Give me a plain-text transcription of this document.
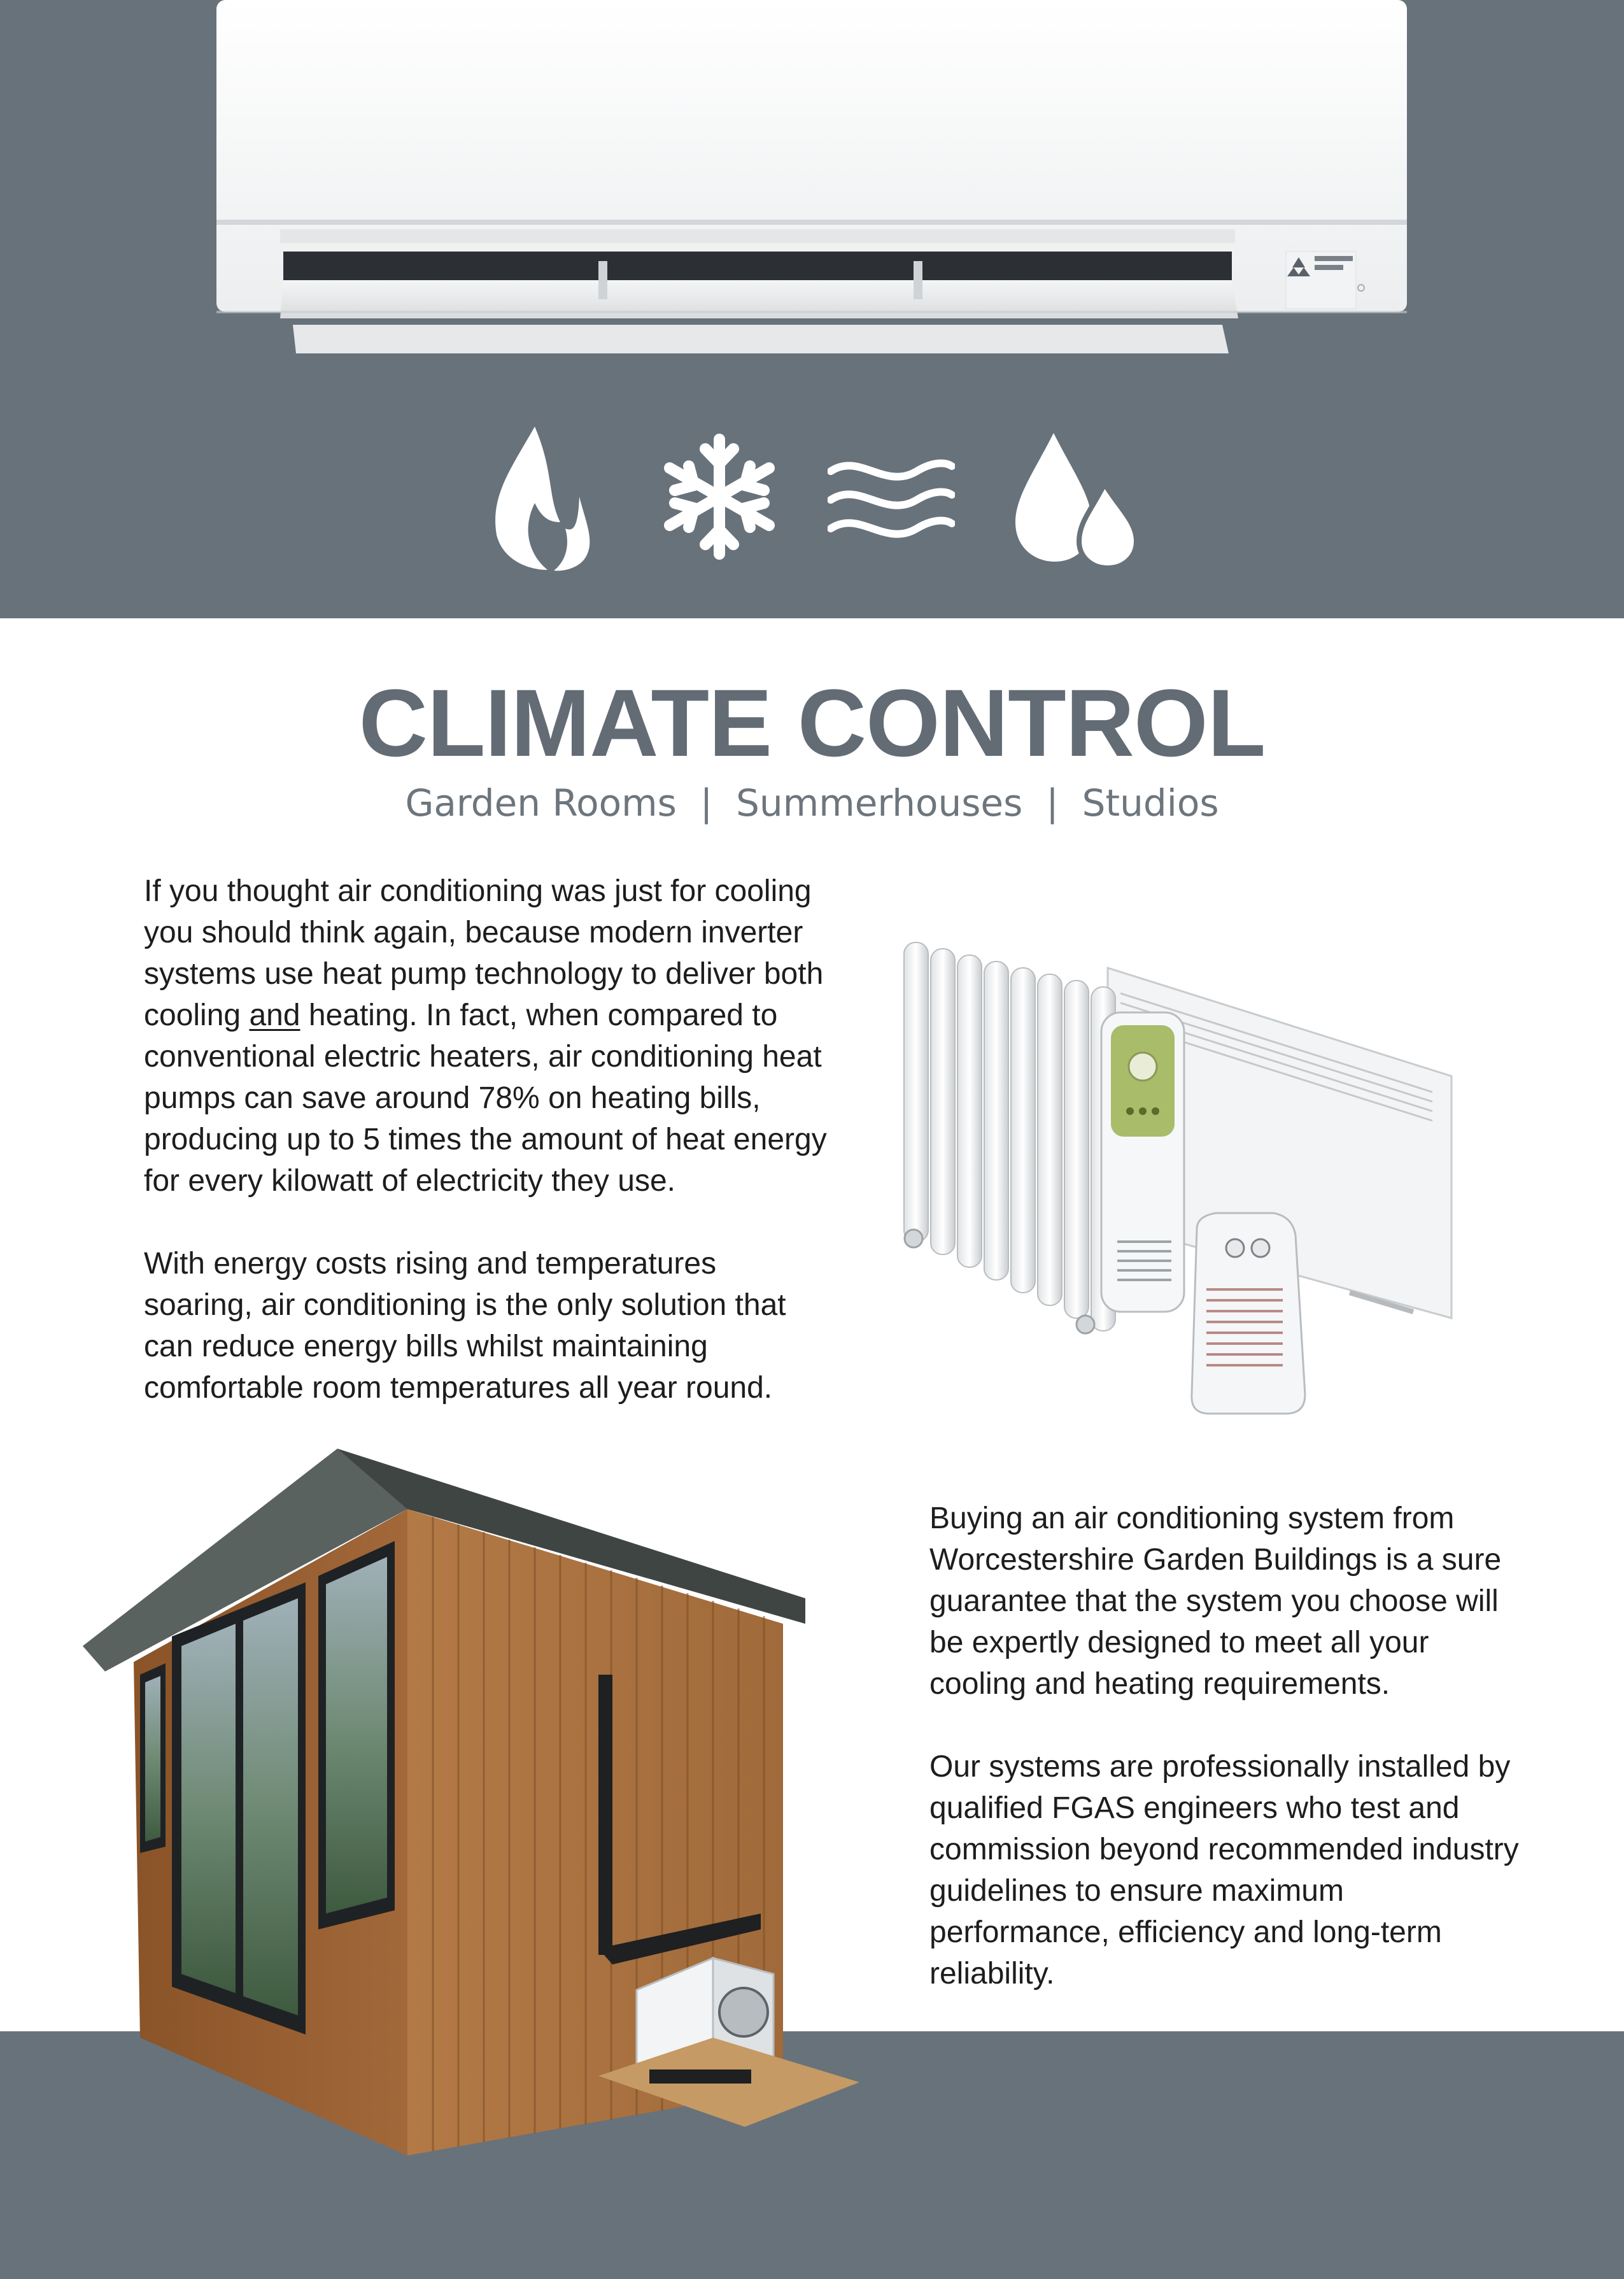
CLIMATE CONTROL
Garden Rooms  |  Summerhouses  |  Studios

If you thought air conditioning was just for cooling you should think again, because modern inverter systems use heat pump technology to deliver both cooling and heating. In fact, when compared to conventional electric heaters, air conditioning heat pumps can save around 78% on heating bills, producing up to 5 times the amount of heat energy for every kilowatt of electricity they use.

With energy costs rising and temperatures soaring, air conditioning is the only solution that can reduce energy bills whilst maintaining comfortable room temperatures all year round.

Buying an air conditioning system from Worcestershire Garden Buildings is a sure guarantee that the system you choose will be expertly designed to meet all your cooling and heating requirements.

Our systems are professionally installed by qualified FGAS engineers who test and commission beyond recommended industry guidelines to ensure maximum performance, efficiency and long-term reliability.
